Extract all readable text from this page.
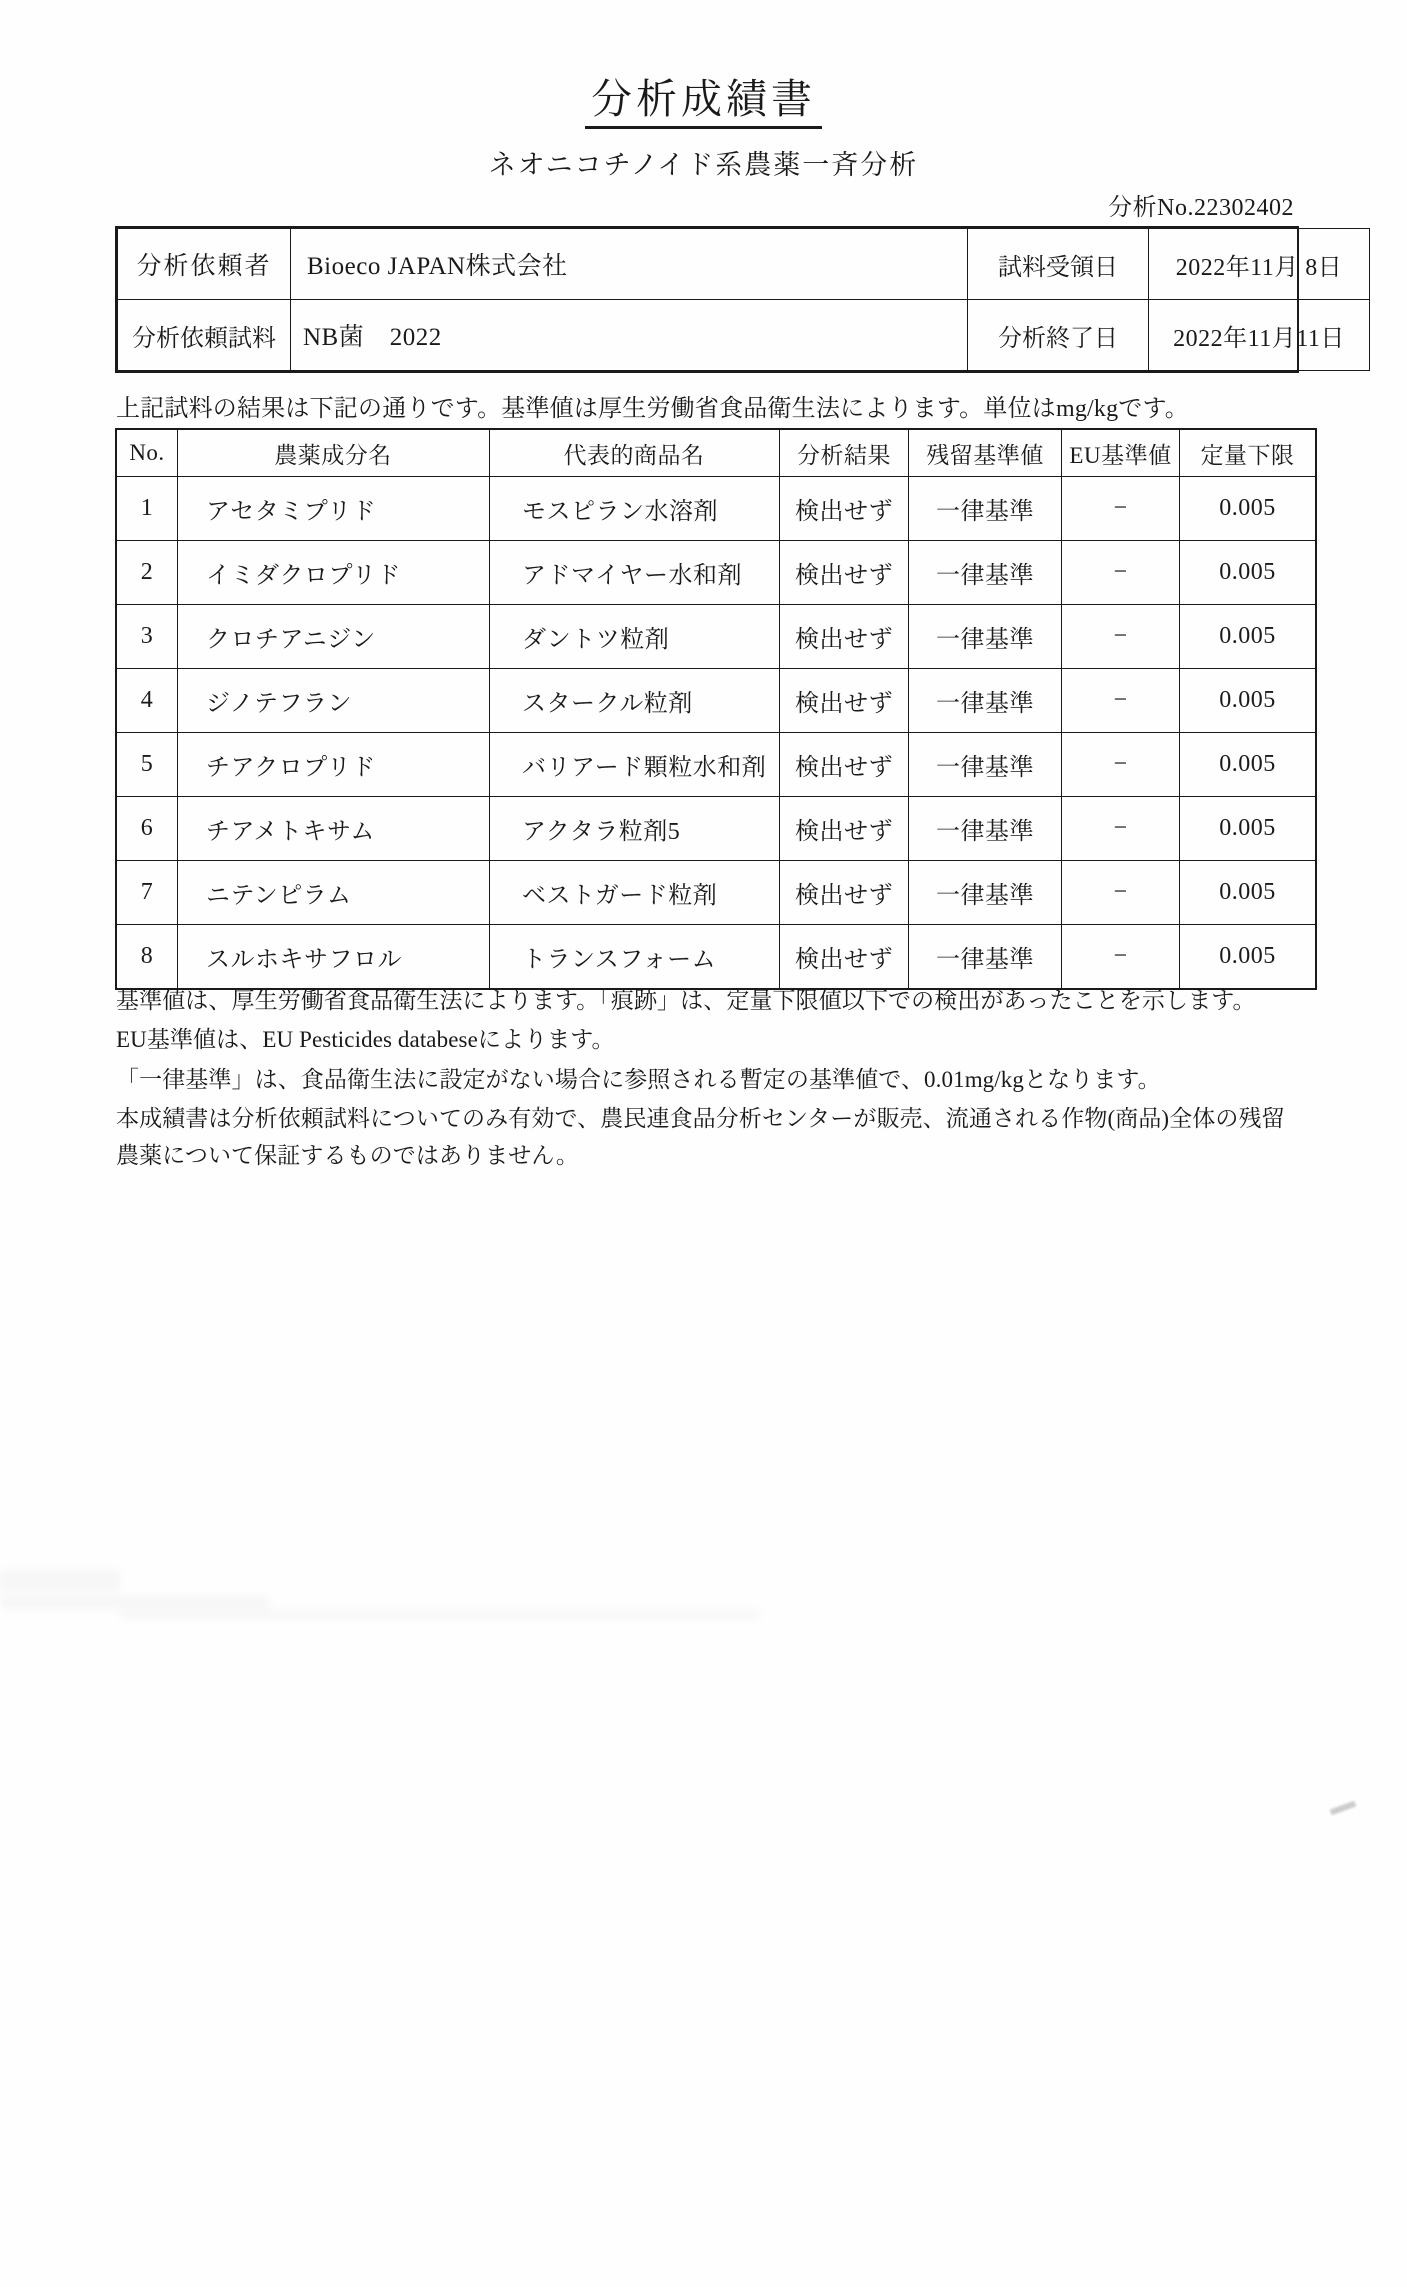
分析成績書
ネオニコチノイド系農薬一斉分析
分析No.22302402
分析依頼者	Bioeco JAPAN株式会社	試料受領日	2022年11月 8日
分析依頼試料	NB菌　2022	分析終了日	2022年11月11日
上記試料の結果は下記の通りです。基準値は厚生労働省食品衛生法によります。単位はmg/kgです。
No.	農薬成分名	代表的商品名	分析結果	残留基準値	EU基準値	定量下限
1	アセタミプリド	モスピラン水溶剤	検出せず	一律基準	−	0.005
2	イミダクロプリド	アドマイヤー水和剤	検出せず	一律基準	−	0.005
3	クロチアニジン	ダントツ粒剤	検出せず	一律基準	−	0.005
4	ジノテフラン	スタークル粒剤	検出せず	一律基準	−	0.005
5	チアクロプリド	バリアード顆粒水和剤	検出せず	一律基準	−	0.005
6	チアメトキサム	アクタラ粒剤5	検出せず	一律基準	−	0.005
7	ニテンピラム	ベストガード粒剤	検出せず	一律基準	−	0.005
8	スルホキサフロル	トランスフォーム	検出せず	一律基準	−	0.005

基準値は、厚生労働省食品衛生法によります。「痕跡」は、定量下限値以下での検出があったことを示します。

EU基準値は、EU Pesticides databeseによります。

「一律基準」は、食品衛生法に設定がない場合に参照される暫定の基準値で、0.01mg/kgとなります。

本成績書は分析依頼試料についてのみ有効で、農民連食品分析センターが販売、流通される作物(商品)全体の残留農薬について保証するものではありません。
